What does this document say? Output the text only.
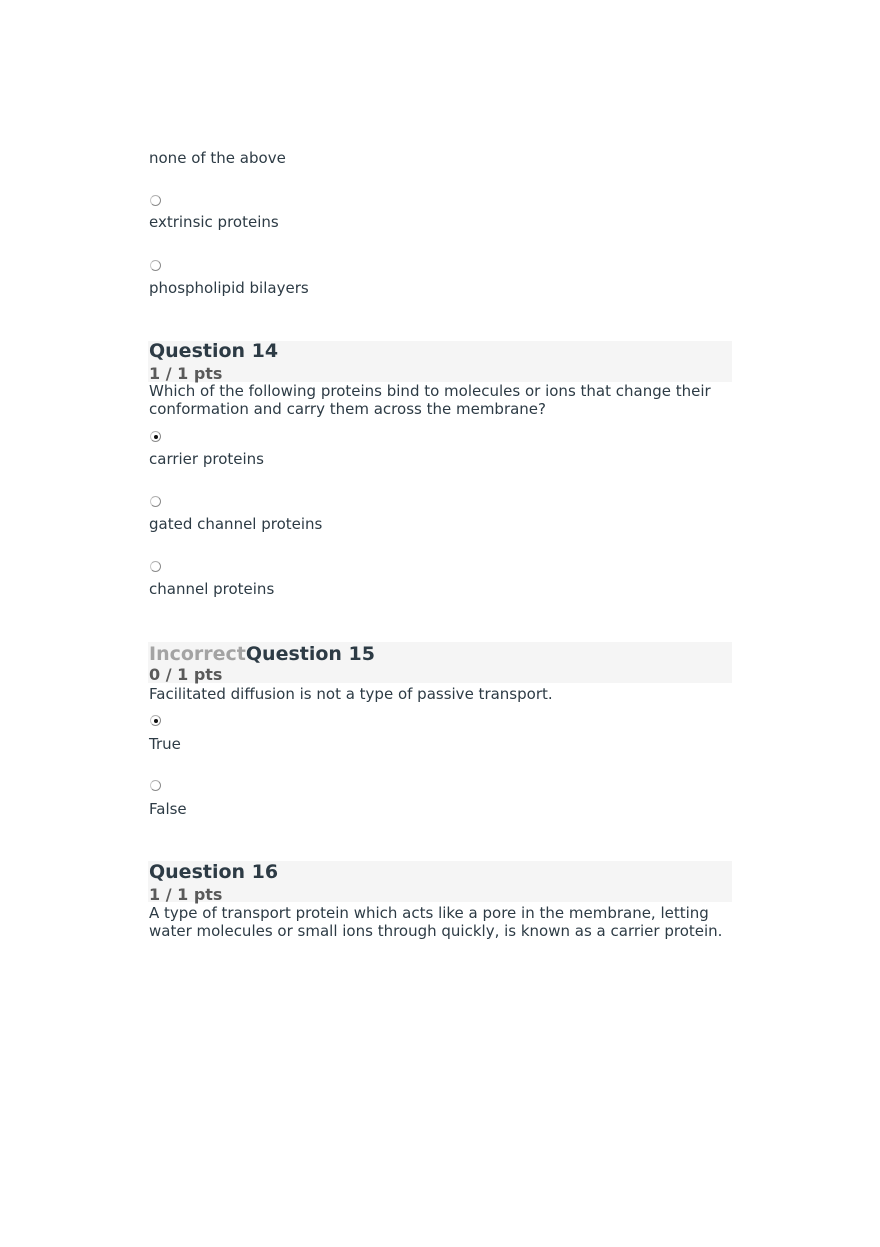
none of the above
extrinsic proteins
phospholipid bilayers
Question 14
1 / 1 pts
Which of the following proteins bind to molecules or ions that change their conformation and carry them across the membrane?
carrier proteins
gated channel proteins
channel proteins
IncorrectQuestion 15
0 / 1 pts
Facilitated diffusion is not a type of passive transport.
True
False
Question 16
1 / 1 pts
A type of transport protein which acts like a pore in the membrane, letting water molecules or small ions through quickly, is known as a carrier protein.
